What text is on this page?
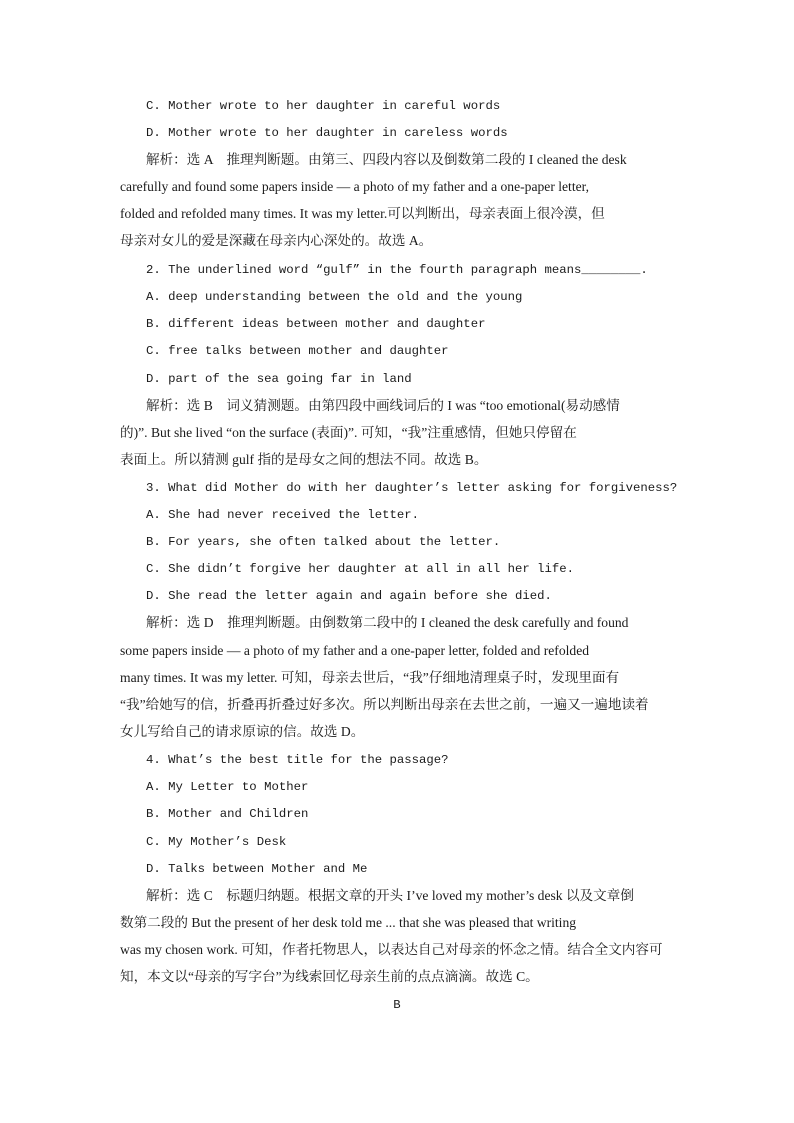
C. Mother wrote to her daughter in careful words
D. Mother wrote to her daughter in careless words
解析：选 A　推理判断题。由第三、四段内容以及倒数第二段的 I cleaned the desk
carefully and found some papers inside — a photo of my father and a one-paper letter,
folded and refolded many times. It was my letter.可以判断出，母亲表面上很冷漠，但
母亲对女儿的爱是深藏在母亲内心深处的。故选 A。
2. The underlined word “gulf” in the fourth paragraph means________.
A. deep understanding between the old and the young
B. different ideas between mother and daughter
C. free talks between mother and daughter
D. part of the sea going far in land
解析：选 B　词义猜测题。由第四段中画线词后的 I was “too emotional(易动感情
的)”. But she lived “on the surface (表面)”. 可知，“我”注重感情，但她只停留在
表面上。所以猜测 gulf 指的是母女之间的想法不同。故选 B。
3. What did Mother do with her daughter’s letter asking for forgiveness?
A. She had never received the letter.
B. For years, she often talked about the letter.
C. She didn’t forgive her daughter at all in all her life.
D. She read the letter again and again before she died.
解析：选 D　推理判断题。由倒数第二段中的 I cleaned the desk carefully and found
some papers inside — a photo of my father and a one-paper letter, folded and refolded
many times. It was my letter. 可知，母亲去世后，“我”仔细地清理桌子时，发现里面有
“我”给她写的信，折叠再折叠过好多次。所以判断出母亲在去世之前，一遍又一遍地读着
女儿写给自己的请求原谅的信。故选 D。
4. What’s the best title for the passage?
A. My Letter to Mother
B. Mother and Children
C. My Mother’s Desk
D. Talks between Mother and Me
解析：选 C　标题归纳题。根据文章的开头 I’ve loved my mother’s desk 以及文章倒
数第二段的 But the present of her desk told me ... that she was pleased that writing
was my chosen work. 可知，作者托物思人，以表达自己对母亲的怀念之情。结合全文内容可
知，本文以“母亲的写字台”为线索回忆母亲生前的点点滴滴。故选 C。
B
